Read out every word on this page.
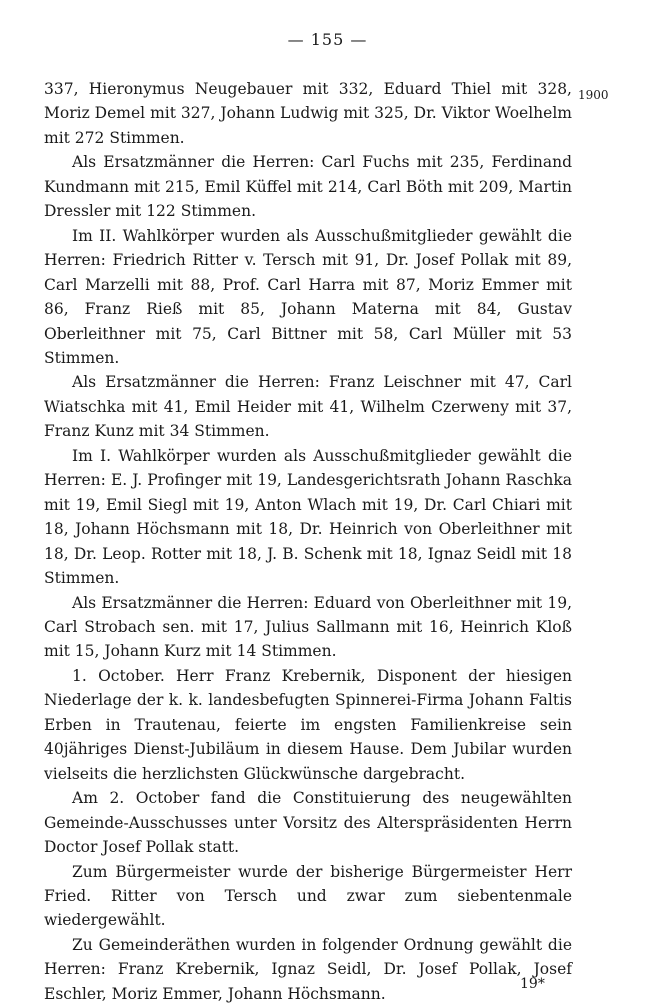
— 155 —
1900

337, Hieronymus Neugebauer mit 332, Eduard Thiel mit 328, Moriz Demel mit 327, Johann Ludwig mit 325, Dr. Viktor Woelhelm mit 272 Stimmen.

Als Ersatzmänner die Herren: Carl Fuchs mit 235, Ferdinand Kundmann mit 215, Emil Küffel mit 214, Carl Böth mit 209, Martin Dressler mit 122 Stimmen.

Im II. Wahlkörper wurden als Ausschußmitglieder gewählt die Herren: Friedrich Ritter v. Tersch mit 91, Dr. Josef Pollak mit 89, Carl Marzelli mit 88, Prof. Carl Harra mit 87, Moriz Emmer mit 86, Franz Rieß mit 85, Johann Materna mit 84, Gustav Oberleithner mit 75, Carl Bittner mit 58, Carl Müller mit 53 Stimmen.

Als Ersatzmänner die Herren: Franz Leischner mit 47, Carl Wiatschka mit 41, Emil Heider mit 41, Wilhelm Czerweny mit 37, Franz Kunz mit 34 Stimmen.

Im I. Wahlkörper wurden als Ausschußmitglieder gewählt die Herren: E. J. Profinger mit 19, Landesgerichtsrath Johann Raschka mit 19, Emil Siegl mit 19, Anton Wlach mit 19, Dr. Carl Chiari mit 18, Johann Höchsmann mit 18, Dr. Heinrich von Oberleithner mit 18, Dr. Leop. Rotter mit 18, J. B. Schenk mit 18, Ignaz Seidl mit 18 Stimmen.

Als Ersatzmänner die Herren: Eduard von Oberleithner mit 19, Carl Strobach sen. mit 17, Julius Sallmann mit 16, Heinrich Kloß mit 15, Johann Kurz mit 14 Stimmen.

1. October. Herr Franz Krebernik, Disponent der hiesigen Niederlage der k. k. landesbefugten Spinnerei-Firma Johann Faltis Erben in Trautenau, feierte im engsten Familienkreise sein 40jähriges Dienst-Jubiläum in diesem Hause. Dem Jubilar wurden vielseits die herzlichsten Glückwünsche dargebracht.

Am 2. October fand die Constituierung des neugewählten Gemeinde-Ausschusses unter Vorsitz des Alterspräsidenten Herrn Doctor Josef Pollak statt.

Zum Bürgermeister wurde der bisherige Bürgermeister Herr Fried. Ritter von Tersch und zwar zum siebentenmale wiedergewählt.

Zu Gemeinderäthen wurden in folgender Ordnung gewählt die Herren: Franz Krebernik, Ignaz Seidl, Dr. Josef Pollak, Josef Eschler, Moriz Emmer, Johann Höchsmann.

19*
